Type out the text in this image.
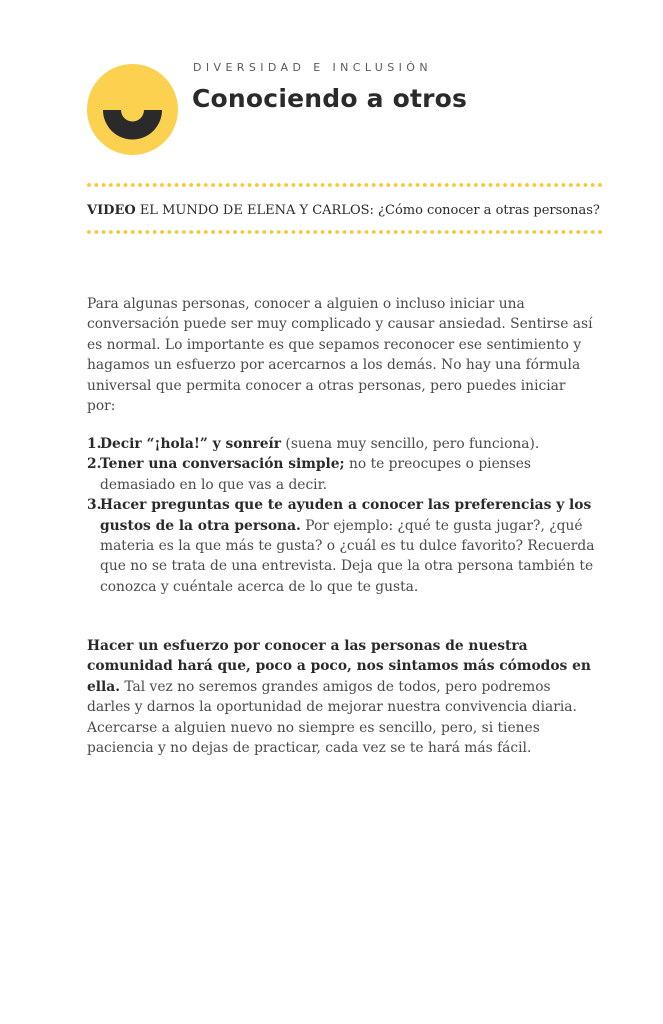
DIVERSIDAD E INCLUSIÓN
Conociendo a otros
VIDEO EL MUNDO DE ELENA Y CARLOS: ¿Cómo conocer a otras personas?

Para algunas personas, conocer a alguien o incluso iniciar una conversación puede ser muy complicado y causar ansiedad. Sentirse así es normal. Lo importante es que sepamos reconocer ese sentimiento y hagamos un esfuerzo por acercarnos a los demás. No hay una fórmula universal que permita conocer a otras personas, pero puedes iniciar por:

1.
Decir “¡hola!” y sonreír (suena muy sencillo, pero funciona).
2.
Tener una conversación simple; no te preocupes o pienses demasiado en lo que vas a decir.
3.
Hacer preguntas que te ayuden a conocer las preferencias y los gustos de la otra persona. Por ejemplo: ¿qué te gusta jugar?, ¿qué materia es la que más te gusta? o ¿cuál es tu dulce favorito? Recuerda que no se trata de una entrevista. Deja que la otra persona también te conozca y cuéntale acerca de lo que te gusta.

Hacer un esfuerzo por conocer a las personas de nuestra comunidad hará que, poco a poco, nos sintamos más cómodos en ella. Tal vez no seremos grandes amigos de todos, pero podremos darles y darnos la oportunidad de mejorar nuestra convivencia diaria. Acercarse a alguien nuevo no siempre es sencillo, pero, si tienes paciencia y no dejas de practicar, cada vez se te hará más fácil.
